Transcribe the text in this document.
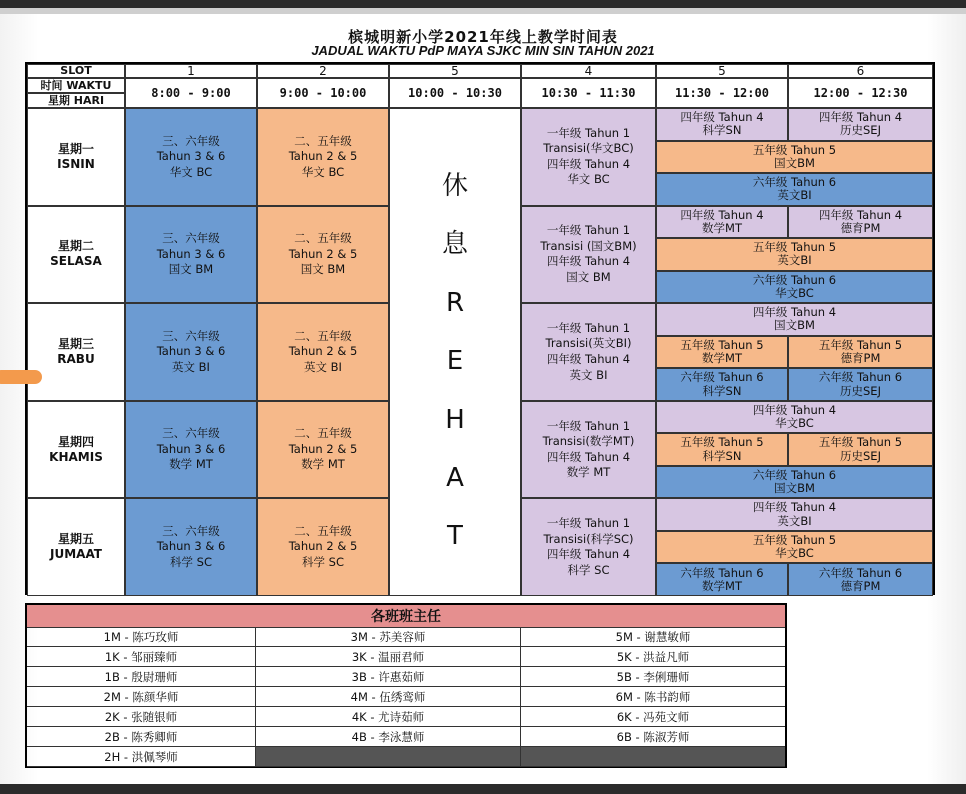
槟城明新小学2021年线上教学时间表
JADUAL WAKTU PdP MAYA SJKC MIN SIN TAHUN 2021
SLOT
时间 WAKTU
星期 HARI
1
8:00 - 9:00
2
9:00 - 10:00
5
10:00 - 10:30
4
10:30 - 11:30
5
11:30 - 12:00
6
12:00 - 12:30
休
息
R
E
H
A
T
星期一
ISNIN
三、六年级
Tahun 3 & 6
华文 BC
二、五年级
Tahun 2 & 5
华文 BC
一年级 Tahun 1
Transisi(华文BC)
四年级 Tahun 4
华文 BC
四年级 Tahun 4
科学SN
四年级 Tahun 4
历史SEJ
五年级 Tahun 5
国文BM
六年级 Tahun 6
英文BI
星期二
SELASA
三、六年级
Tahun 3 & 6
国文 BM
二、五年级
Tahun 2 & 5
国文 BM
一年级 Tahun 1
Transisi (国文BM)
四年级 Tahun 4
国文 BM
四年级 Tahun 4
数学MT
四年级 Tahun 4
德育PM
五年级 Tahun 5
英文BI
六年级 Tahun 6
华文BC
星期三
RABU
三、六年级
Tahun 3 & 6
英文 BI
二、五年级
Tahun 2 & 5
英文 BI
一年级 Tahun 1
Transisi(英文BI)
四年级 Tahun 4
英文 BI
四年级 Tahun 4
国文BM
五年级 Tahun 5
数学MT
五年级 Tahun 5
德育PM
六年级 Tahun 6
科学SN
六年级 Tahun 6
历史SEJ
星期四
KHAMIS
三、六年级
Tahun 3 & 6
数学 MT
二、五年级
Tahun 2 & 5
数学 MT
一年级 Tahun 1
Transisi(数学MT)
四年级 Tahun 4
数学 MT
四年级 Tahun 4
华文BC
五年级 Tahun 5
科学SN
五年级 Tahun 5
历史SEJ
六年级 Tahun 6
国文BM
星期五
JUMAAT
三、六年级
Tahun 3 & 6
科学 SC
二、五年级
Tahun 2 & 5
科学 SC
一年级 Tahun 1
Transisi(科学SC)
四年级 Tahun 4
科学 SC
四年级 Tahun 4
英文BI
五年级 Tahun 5
华文BC
六年级 Tahun 6
数学MT
六年级 Tahun 6
德育PM
各班班主任
1M - 陈巧玫师
1K - 邹丽臻师
1B - 殷尉珊师
2M - 陈颜华师
2K - 张随银师
2B - 陈秀卿师
2H - 洪佩琴师
3M - 苏美容师
3K - 温丽君师
3B - 许惠茹师
4M - 伍绣鸾师
4K - 尤诗茹师
4B - 李泳慧师
5M - 谢慧敏师
5K - 洪益凡师
5B - 李俐珊师
6M - 陈书韵师
6K - 冯苑文师
6B - 陈淑芳师
